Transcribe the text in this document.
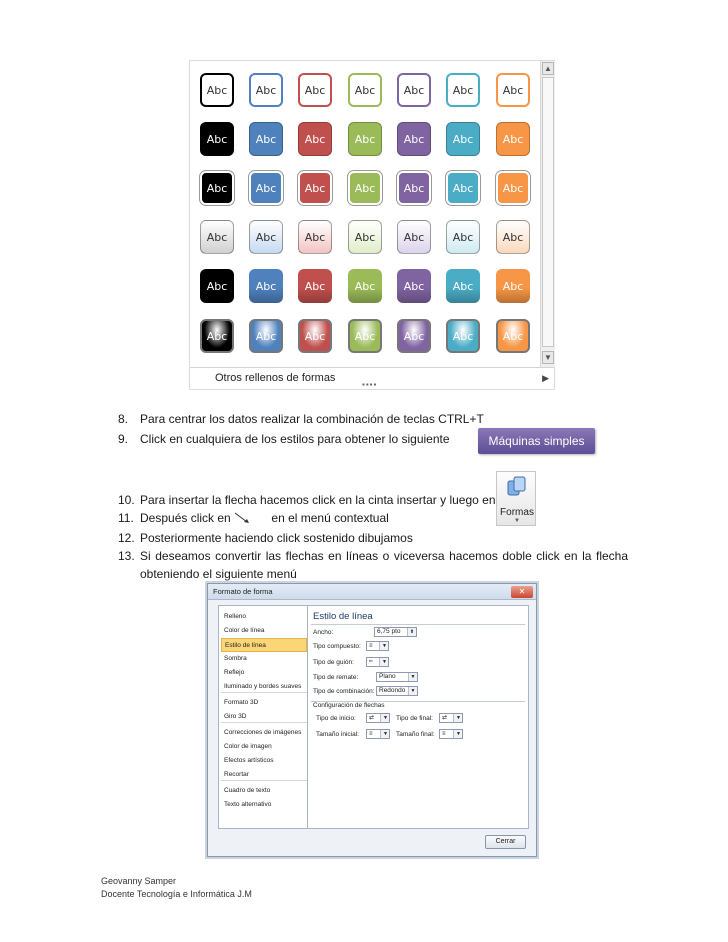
Abc	Abc	Abc	Abc	Abc	Abc	Abc
Abc	Abc	Abc	Abc	Abc	Abc	Abc
Abc	Abc	Abc	Abc	Abc	Abc	Abc
Abc	Abc	Abc	Abc	Abc	Abc	Abc
Abc	Abc	Abc	Abc	Abc	Abc	Abc
Abc	Abc	Abc	Abc	Abc	Abc	Abc
▲
▼
Otros rellenos de formas	▶
▪▪▪▪
8. Para centrar los datos realizar la combinación de teclas CTRL+T
9. Click en cualquiera de los estilos para obtener lo siguiente	Máquinas simples
10. Para insertar la flecha hacemos click en la cinta insertar y luego en
Formas
▼
11. Después click en	en el menú contextual
12. Posteriormente haciendo click sostenido dibujamos
13. Si deseamos convertir las flechas en líneas o viceversa hacemos doble click en la flecha
obteniendo el siguiente menú
Formato de forma	✕
Relleno
Color de línea
Estilo de línea
Sombra
Reflejo
Iluminado y bordes suaves
Formato 3D
Giro 3D
Correcciones de imágenes
Color de imagen
Efectos artísticos
Recortar
Cuadro de texto
Texto alternativo
Estilo de línea
Ancho:	6,75 pto	⬍
Tipo compuesto:	≡	▼
Tipo de guión:	┅	▼
Tipo de remate:	Plano	▼
Tipo de combinación: Redondo	▼
Configuración de flechas
Tipo de inicio:	⇄	▼	Tipo de final:	⇄	▼
Tamaño inicial:	≡	▼	Tamaño final:	≡	▼
Cerrar
Geovanny Samper
Docente Tecnología e Informática J.M
